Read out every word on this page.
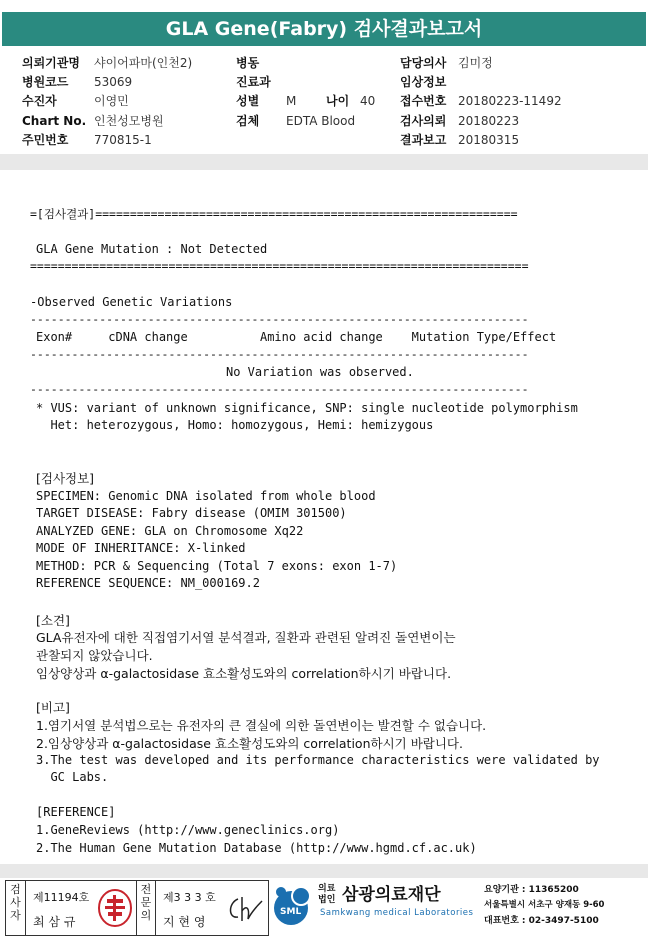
GLA Gene(Fabry) 검사결과보고서
의뢰기관명 샤이어파마(인천2)
병원코드 53069
수진자	이영민
Chart No. 인천성모병원
주민번호 770815-1
병동
진료과
성별 M 나이 40
검체 EDTA Blood
담당의사 김미정
임상정보
접수번호 20180223-11492
검사의뢰 20180223
결과보고 20180315
=[검사결과]=============================================================
GLA Gene Mutation : Not Detected
========================================================================
-Observed Genetic Variations
------------------------------------------------------------------------
Exon#     cDNA change          Amino acid change    Mutation Type/Effect
------------------------------------------------------------------------
No Variation was observed.
------------------------------------------------------------------------
* VUS: variant of unknown significance, SNP: single nucleotide polymorphism
Het: heterozygous, Homo: homozygous, Hemi: hemizygous
[검사정보]
SPECIMEN: Genomic DNA isolated from whole blood
TARGET DISEASE: Fabry disease (OMIM 301500)
ANALYZED GENE: GLA on Chromosome Xq22
MODE OF INHERITANCE: X-linked
METHOD: PCR & Sequencing (Total 7 exons: exon 1-7)
REFERENCE SEQUENCE: NM_000169.2
[소견]
GLA유전자에 대한 직접염기서열 분석결과, 질환과 관련된 알려진 돌연변이는
관찰되지 않았습니다.
임상양상과 α-galactosidase 효소활성도와의 correlation하시기 바랍니다.
[비고]
1.염기서열 분석법으로는 유전자의 큰 결실에 의한 돌연변이는 발견할 수 없습니다.
2.임상양상과 α-galactosidase 효소활성도와의 correlation하시기 바랍니다.
3.The test was developed and its performance characteristics were validated by
GC Labs.
[REFERENCE]
1.GeneReviews (http://www.geneclinics.org)
2.The Human Gene Mutation Database (http://www.hgmd.cf.ac.uk)
검사자
제11194호
최 삼 규
전문의
제3 3 3 호
지 현 영
SML
의료
법인 삼광의료재단
Samkwang medical Laboratories
요양기관 : 11365200
서울특별시 서초구 양재동 9-60
대표번호 : 02-3497-5100
